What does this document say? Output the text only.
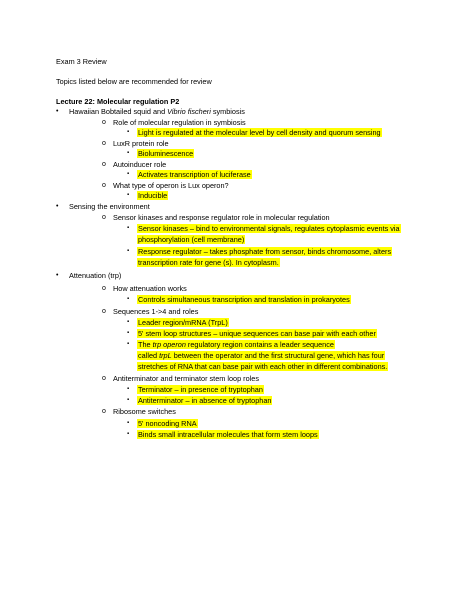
Exam 3 Review
Topics listed below are recommended for review
Lecture 22: Molecular regulation P2
• Hawaiian Bobtailed squid and Vibrio fischeri symbiosis
o Role of molecular regulation in symbiosis
▪ Light is regulated at the molecular level by cell density and quorum sensing
o LuxR protein role
▪ Bioluminescence
o Autoinducer role
▪ Activates transcription of luciferase
o What type of operon is Lux operon?
▪ Inducible
• Sensing the environment
o Sensor kinases and response regulator role in molecular regulation
▪ Sensor kinases – bind to environmental signals, regulates cytoplasmic events via
phosphorylation (cell membrane)
▪ Response regulator – takes phosphate from sensor, binds chromosome, alters
transcription rate for gene (s). In cytoplasm.
• Attenuation (trp)
o How attenuation works
▪ Controls simultaneous transcription and translation in prokaryotes
o Sequences 1->4 and roles
▪ Leader region/mRNA (TrpL)
▪ 5' stem loop structures – unique sequences can base pair with each other
▪ The trp operon regulatory region contains a leader sequence
called trpL between the operator and the first structural gene, which has four
stretches of RNA that can base pair with each other in different combinations.
o Antiterminator and terminator stem loop roles
▪ Terminator – in presence of tryptophan
▪ Antiterminator – in absence of tryptophan
o Ribosome switches
▪ 5' noncoding RNA
▪ Binds small intracellular molecules that form stem loops
